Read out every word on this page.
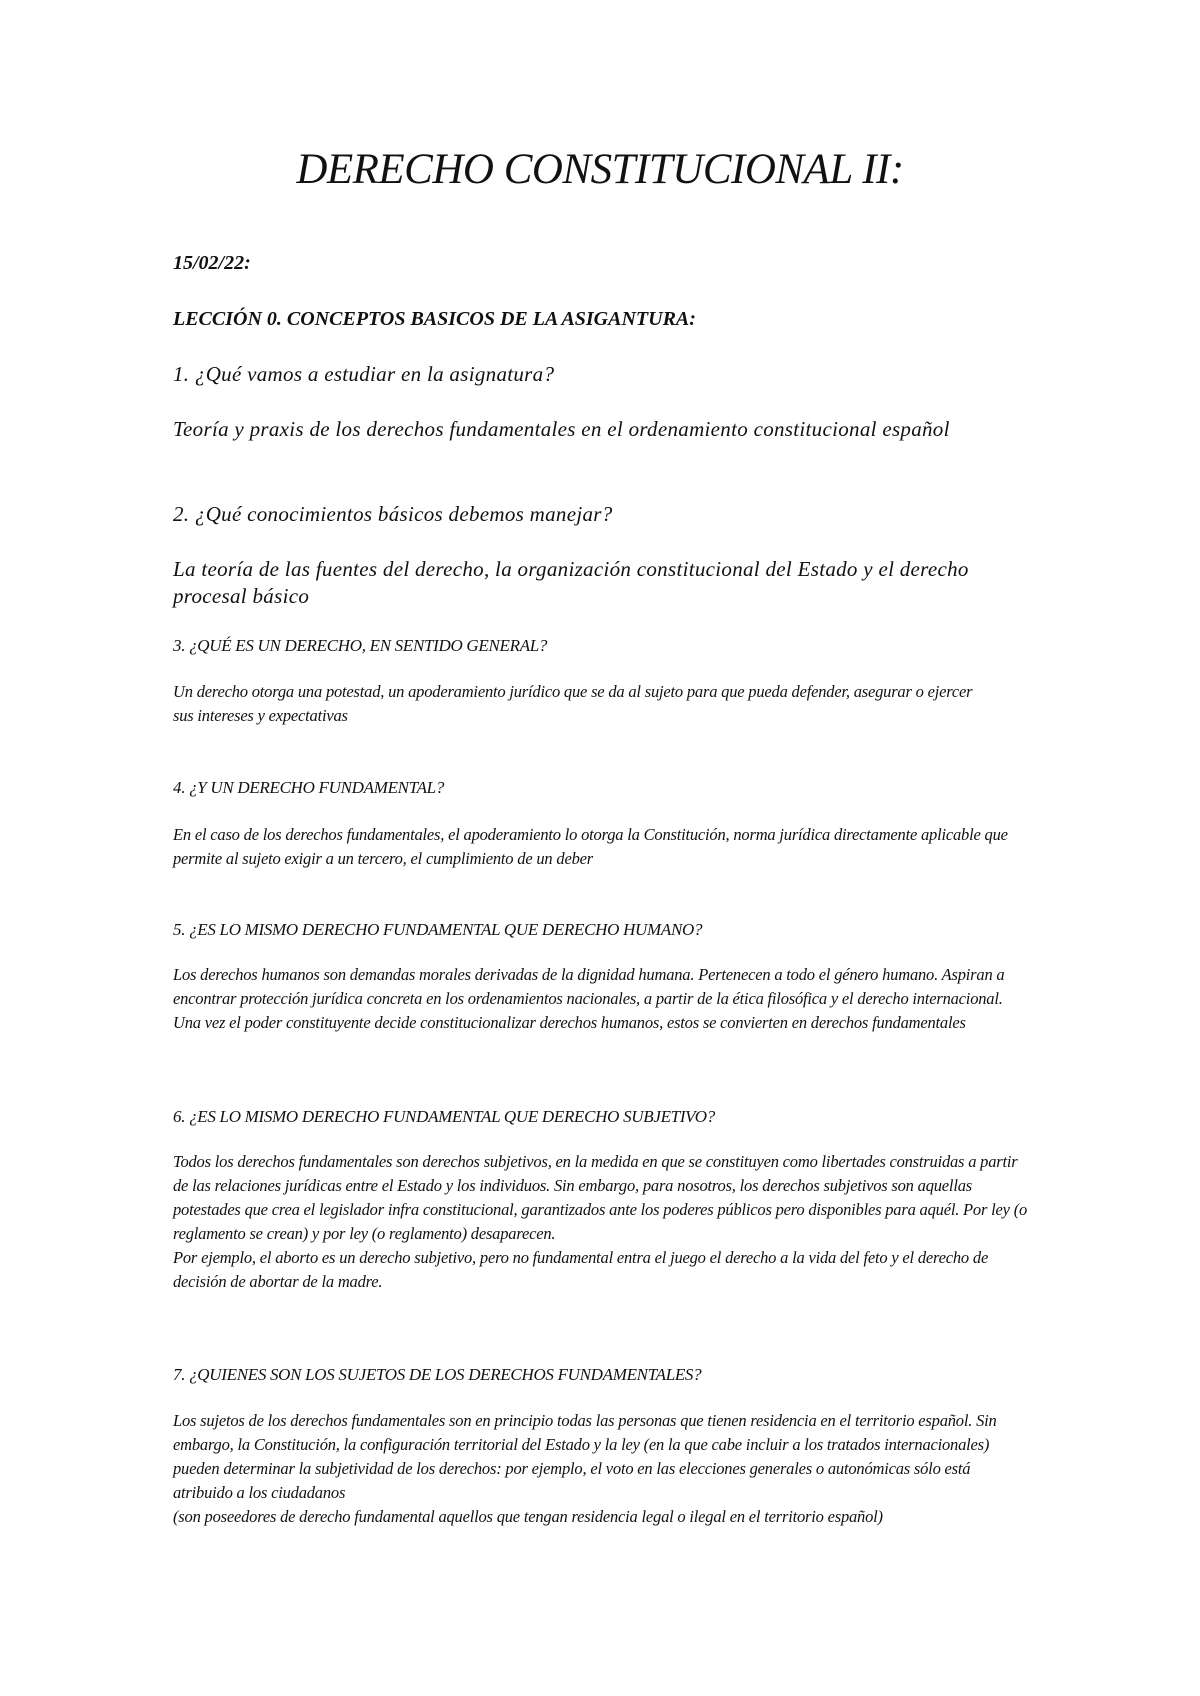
DERECHO CONSTITUCIONAL II:
15/02/22:
LECCIÓN 0. CONCEPTOS BASICOS DE LA ASIGANTURA:
1. ¿Qué vamos a estudiar en la asignatura?
Teoría y praxis de los derechos fundamentales en el ordenamiento constitucional español
2. ¿Qué conocimientos básicos debemos manejar?
La teoría de las fuentes del derecho, la organización constitucional del Estado y el derecho procesal básico
3. ¿QUÉ ES UN DERECHO, EN SENTIDO GENERAL?
Un derecho otorga una potestad, un apoderamiento jurídico que se da al sujeto para que pueda defender, asegurar o ejercer sus intereses y expectativas
4. ¿Y UN DERECHO FUNDAMENTAL?
En el caso de los derechos fundamentales, el apoderamiento lo otorga la Constitución, norma jurídica directamente aplicable que permite al sujeto exigir a un tercero, el cumplimiento de un deber
5. ¿ES LO MISMO DERECHO FUNDAMENTAL QUE DERECHO HUMANO?
Los derechos humanos son demandas morales derivadas de la dignidad humana. Pertenecen a todo el género humano. Aspiran a encontrar protección jurídica concreta en los ordenamientos nacionales, a partir de la ética filosófica y el derecho internacional. Una vez el poder constituyente decide constitucionalizar derechos humanos, estos se convierten en derechos fundamentales
6. ¿ES LO MISMO DERECHO FUNDAMENTAL QUE DERECHO SUBJETIVO?

Todos los derechos fundamentales son derechos subjetivos, en la medida en que se constituyen como libertades construidas a partir de las relaciones jurídicas entre el Estado y los individuos. Sin embargo, para nosotros, los derechos subjetivos son aquellas potestades que crea el legislador infra constitucional, garantizados ante los poderes públicos pero disponibles para aquél. Por ley (o reglamento se crean) y por ley (o reglamento) desaparecen.

Por ejemplo, el aborto es un derecho subjetivo, pero no fundamental entra el juego el derecho a la vida del feto y el derecho de decisión de abortar de la madre.

7. ¿QUIENES SON LOS SUJETOS DE LOS DERECHOS FUNDAMENTALES?

Los sujetos de los derechos fundamentales son en principio todas las personas que tienen residencia en el territorio español. Sin embargo, la Constitución, la configuración territorial del Estado y la ley (en la que cabe incluir a los tratados internacionales) pueden determinar la subjetividad de los derechos: por ejemplo, el voto en las elecciones generales o autonómicas sólo está atribuido a los ciudadanos

(son poseedores de derecho fundamental aquellos que tengan residencia legal o ilegal en el territorio español)
